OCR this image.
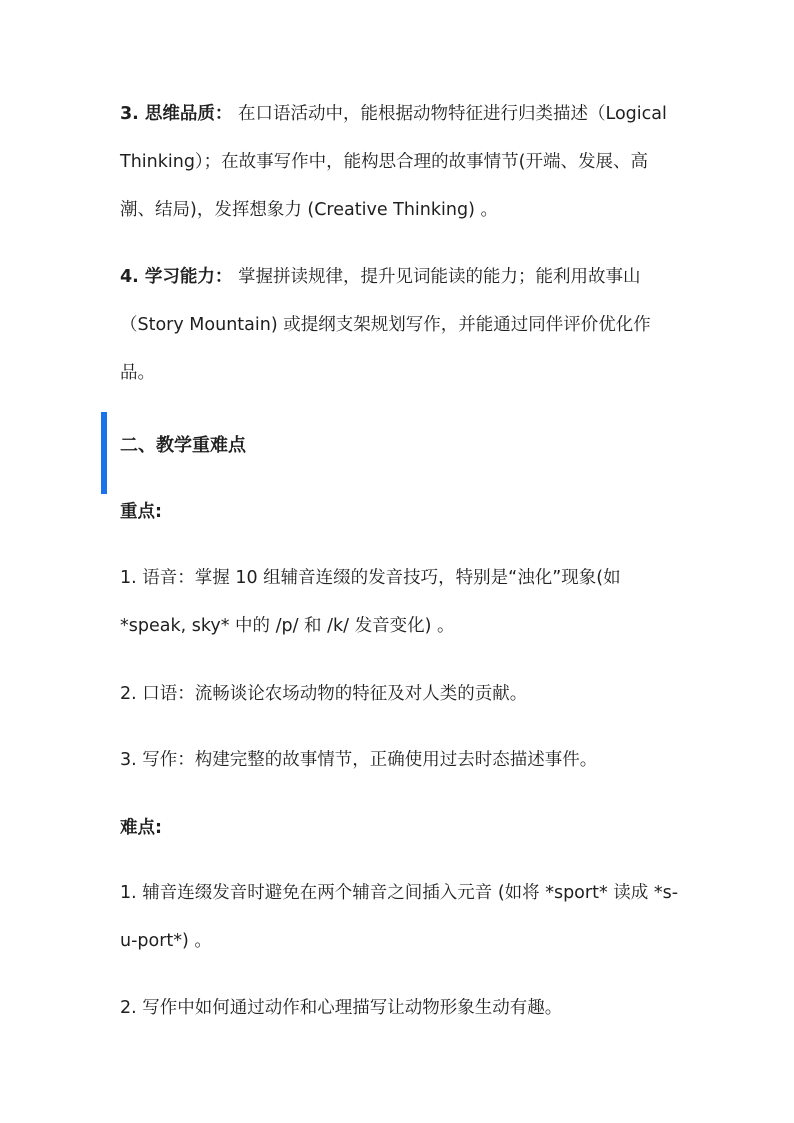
3. 思维品质： 在口语活动中，能根据动物特征进行归类描述（Logical Thinking）；在故事写作中，能构思合理的故事情节(开端、发展、高潮、结局)，发挥想象力 (Creative Thinking) 。

4. 学习能力： 掌握拼读规律，提升见词能读的能力；能利用故事山（Story Mountain) 或提纲支架规划写作，并能通过同伴评价优化作品。

二、教学重难点
重点:

1. 语音：掌握 10 组辅音连缀的发音技巧，特别是“浊化”现象(如 *speak, sky* 中的 /p/ 和 /k/ 发音变化) 。

2. 口语：流畅谈论农场动物的特征及对人类的贡献。

3. 写作：构建完整的故事情节，正确使用过去时态描述事件。

难点:

1. 辅音连缀发音时避免在两个辅音之间插入元音 (如将 *sport* 读成 *s-u-port*) 。

2. 写作中如何通过动作和心理描写让动物形象生动有趣。
